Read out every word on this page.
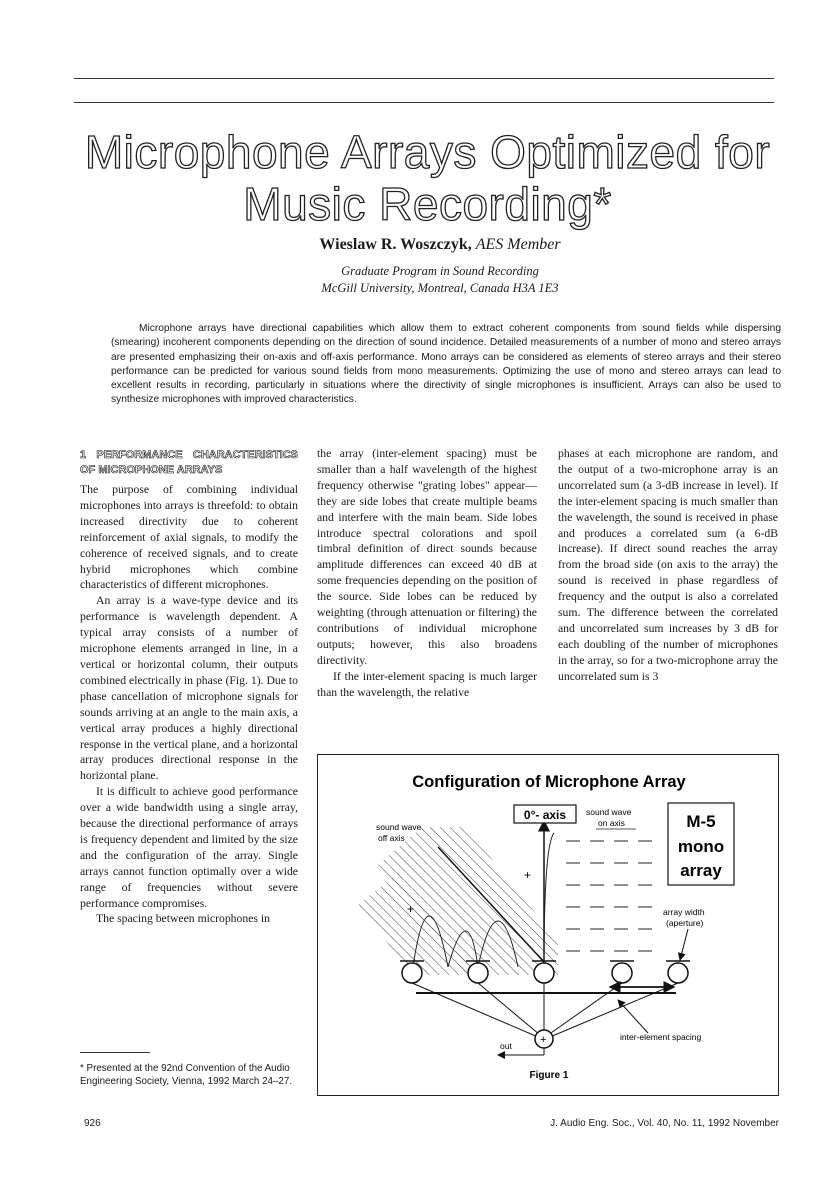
Microphone Arrays Optimized for Music Recording*
Wieslaw R. Woszczyk, AES Member
Graduate Program in Sound Recording
McGill University, Montreal, Canada H3A 1E3

Microphone arrays have directional capabilities which allow them to extract coherent components from sound fields while dispersing (smearing) incoherent components depending on the direction of sound incidence. Detailed measurements of a number of mono and stereo arrays are presented emphasizing their on-axis and off-axis performance. Mono arrays can be considered as elements of stereo arrays and their stereo performance can be predicted for various sound fields from mono measurements. Optimizing the use of mono and stereo arrays can lead to excellent results in recording, particularly in situations where the directivity of single microphones is insufficient. Arrays can also be used to synthesize microphones with improved characteristics.

1 PERFORMANCE CHARACTERISTICS OF MICROPHONE ARRAYS

The purpose of combining individual microphones into arrays is threefold: to obtain increased directivity due to coherent reinforcement of axial signals, to modify the coherence of received signals, and to create hybrid microphones which combine characteristics of different microphones.

An array is a wave-type device and its performance is wavelength dependent. A typical array consists of a number of microphone elements arranged in line, in a vertical or horizontal column, their outputs combined electrically in phase (Fig. 1). Due to phase cancellation of microphone signals for sounds arriving at an angle to the main axis, a vertical array produces a highly directional response in the vertical plane, and a horizontal array produces directional response in the horizontal plane.

It is difficult to achieve good performance over a wide bandwidth using a single array, because the directional performance of arrays is frequency dependent and limited by the size and the configuration of the array. Single arrays cannot function optimally over a wide range of frequencies without severe performance compromises.

The spacing between microphones in

the array (inter-element spacing) must be smaller than a half wavelength of the highest frequency otherwise "grating lobes" appear—they are side lobes that create multiple beams and interfere with the main beam. Side lobes introduce spectral colorations and spoil timbral definition of direct sounds because amplitude differences can exceed 40 dB at some frequencies depending on the position of the source. Side lobes can be reduced by weighting (through attenuation or filtering) the contributions of individual microphone outputs; however, this also broadens directivity.

If the inter-element spacing is much larger than the wavelength, the relative

phases at each microphone are random, and the output of a two-microphone array is an uncorrelated sum (a 3-dB increase in level). If the inter-element spacing is much smaller than the wavelength, the sound is received in phase and produces a correlated sum (a 6-dB increase). If direct sound reaches the array from the broad side (on axis to the array) the sound is received in phase regardless of frequency and the output is also a correlated sum. The difference between the correlated and uncorrelated sum increases by 3 dB for each doubling of the number of microphones in the array, so for a two-microphone array the uncorrelated sum is 3

Configuration of Microphone Array
0°- axis sound wave
on axis
sound wave
off axis
M-5
mono
array
array width
(aperture)
+
+
+
out
inter-element spacing
Figure 1

* Presented at the 92nd Convention of the Audio Engineering Society, Vienna, 1992 March 24–27.

926	J. Audio Eng. Soc., Vol. 40, No. 11, 1992 November
